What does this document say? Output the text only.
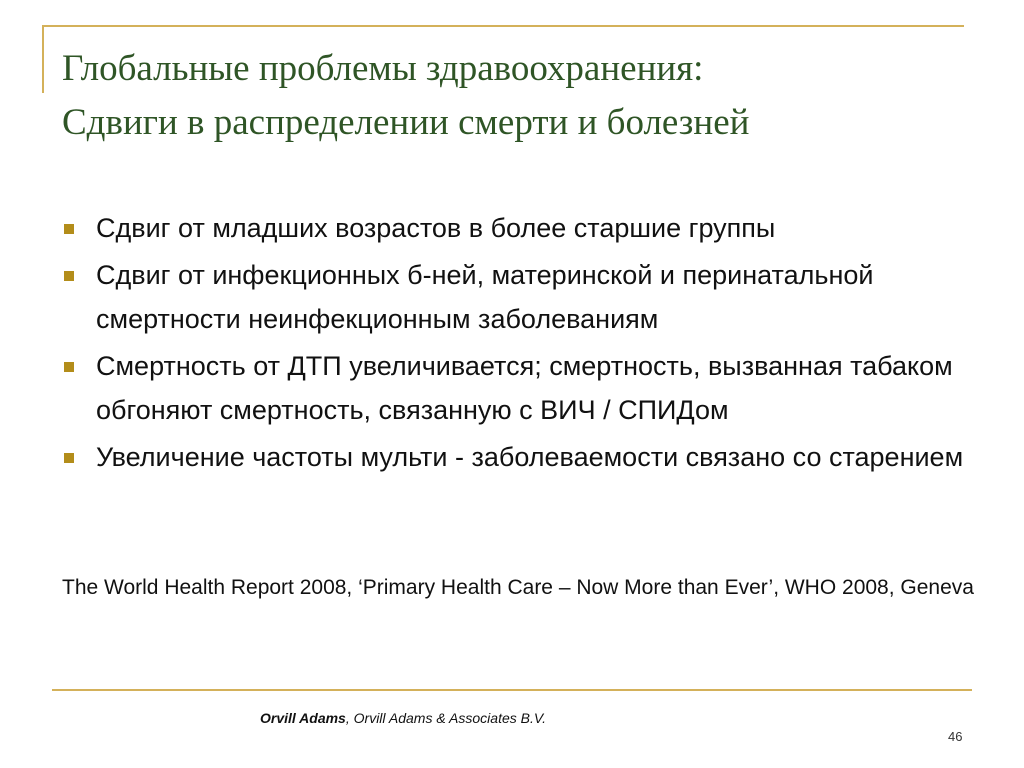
Глобальные проблемы здравоохранения:
Сдвиги в распределении смерти и болезней
Сдвиг от младших возрастов в более старшие группы
Сдвиг от инфекционных б-ней, материнской и перинатальной смертности неинфекционным заболеваниям
Смертность от ДТП увеличивается; смертность, вызванная табаком обгоняют смертность, связанную с ВИЧ / СПИДом
Увеличение частоты мульти - заболеваемости связано со старением

The World Health Report 2008, ‘Primary Health Care – Now More than Ever’, WHO 2008, Geneva

Orvill Adams, Orvill Adams & Associates B.V.
46
